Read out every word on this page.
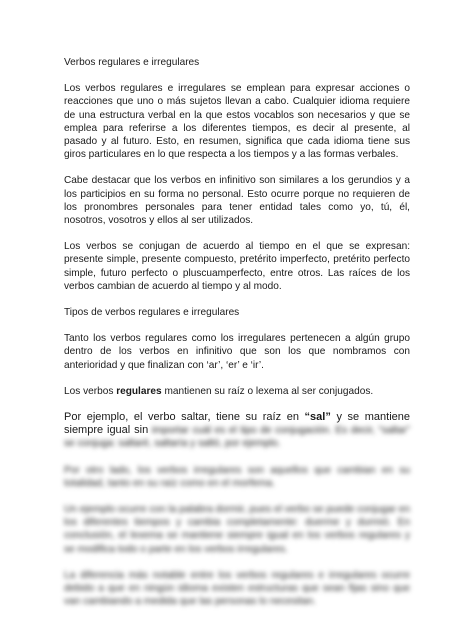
Verbos regulares e irregulares

Los verbos regulares e irregulares se emplean para expresar acciones o reacciones que uno o más sujetos llevan a cabo. Cualquier idioma requiere de una estructura verbal en la que estos vocablos son necesarios y que se emplea para referirse a los diferentes tiempos, es decir al presente, al pasado y al futuro. Esto, en resumen, significa que cada idioma tiene sus giros particulares en lo que respecta a los tiempos y a las formas verbales.

Cabe destacar que los verbos en infinitivo son similares a los gerundios y a los participios en su forma no personal. Esto ocurre porque no requieren de los pronombres personales para tener entidad tales como yo, tú, él, nosotros, vosotros y ellos al ser utilizados.

Los verbos se conjugan de acuerdo al tiempo en el que se expresan: presente simple, presente compuesto, pretérito imperfecto, pretérito perfecto simple, futuro perfecto o pluscuamperfecto, entre otros. Las raíces de los verbos cambian de acuerdo al tiempo y al modo.

Tipos de verbos regulares e irregulares

Tanto los verbos regulares como los irregulares pertenecen a algún grupo dentro de los verbos en infinitivo que son los que nombramos con anterioridad y que finalizan con ‘ar’, ‘er’ e ‘ir’.

Los verbos regulares mantienen su raíz o lexema al ser conjugados.

Por ejemplo, el verbo saltar, tiene su raíz en “sal” y se mantiene siempre igual sin importar cuál es el tipo de conjugación. Es decir, “saltar” se conjuga: saltaré, saltaría y saltó, por ejemplo.

Por otro lado, los verbos irregulares son aquellos que cambian en su totalidad, tanto en su raíz como en el morfema.

Un ejemplo ocurre con la palabra dormir, pues el verbo se puede conjugar en los diferentes tiempos y cambia completamente: duerme y durmió. En conclusión, el lexema se mantiene siempre igual en los verbos regulares y se modifica todo o parte en los verbos irregulares.

La diferencia más notable entre los verbos regulares e irregulares ocurre debido a que en ningún idioma existen estructuras que sean fijas sino que van cambiando a medida que las personas lo necesitan.
